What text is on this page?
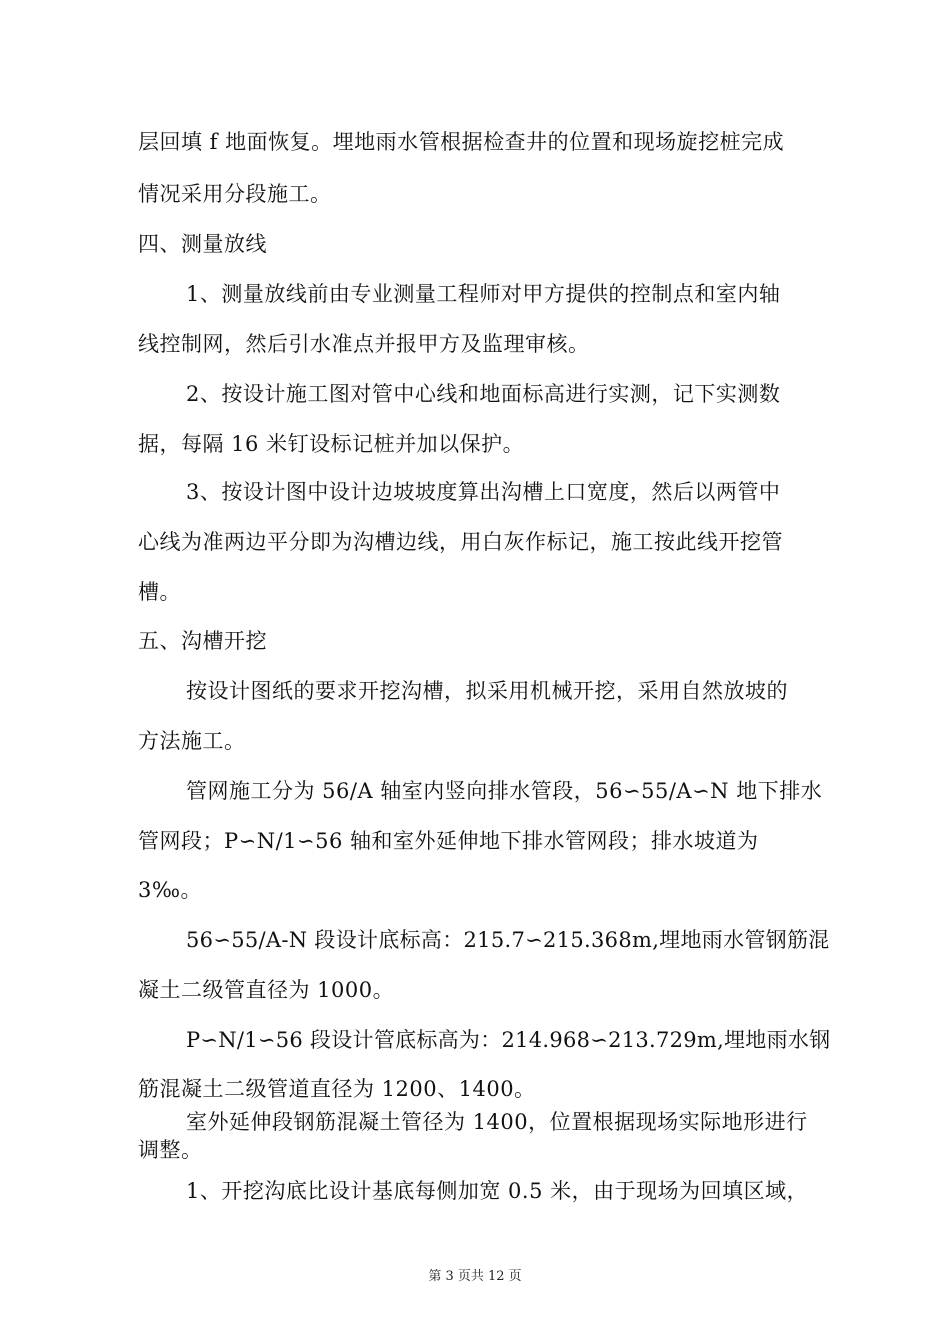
层回填 f 地面恢复。埋地雨水管根据检查井的位置和现场旋挖桩完成
情况采用分段施工。
四、测量放线
1、测量放线前由专业测量工程师对甲方提供的控制点和室内轴
线控制网，然后引水准点并报甲方及监理审核。
2、按设计施工图对管中心线和地面标高进行实测，记下实测数
据，每隔 16 米钉设标记桩并加以保护。
3、按设计图中设计边坡坡度算出沟槽上口宽度，然后以两管中
心线为准两边平分即为沟槽边线，用白灰作标记，施工按此线开挖管
槽。
五、沟槽开挖
按设计图纸的要求开挖沟槽，拟采用机械开挖，采用自然放坡的
方法施工。
管网施工分为 56/A 轴室内竖向排水管段，56∽55/A∽N 地下排水
管网段；P∽N/1∽56 轴和室外延伸地下排水管网段；排水坡道为
3‰。
56∽55/A-N 段设计底标高：215.7∽215.368m,埋地雨水管钢筋混
凝土二级管直径为 1000。
P∽N/1∽56 段设计管底标高为：214.968∽213.729m,埋地雨水钢
筋混凝土二级管道直径为 1200、1400。
室外延伸段钢筋混凝土管径为 1400，位置根据现场实际地形进行
调整。
1、开挖沟底比设计基底每侧加宽 0.5 米，由于现场为回填区域，
第 3 页共 12 页
